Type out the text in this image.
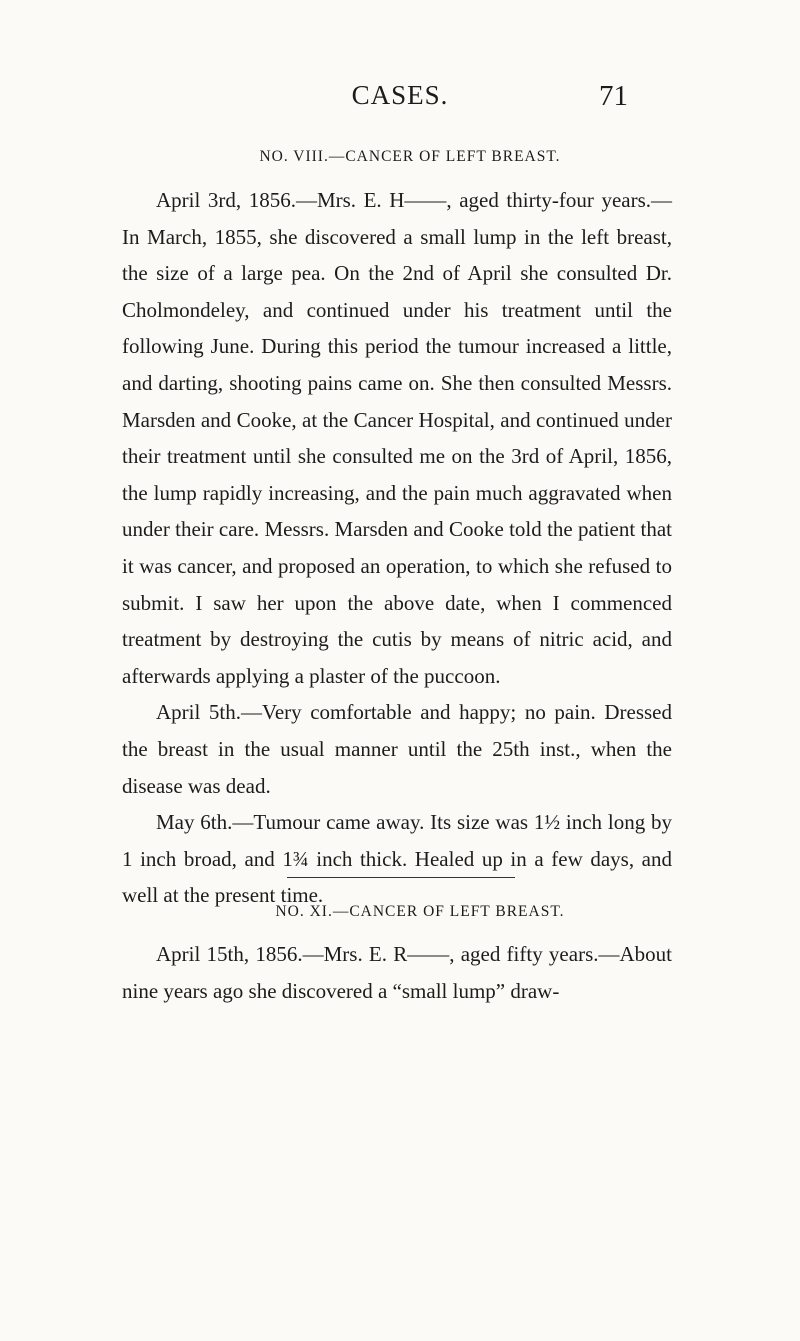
CASES.	71
NO. VIII.—CANCER OF LEFT BREAST.

April 3rd, 1856.—Mrs. E. H——, aged thirty-four years.—In March, 1855, she discovered a small lump in the left breast, the size of a large pea. On the 2nd of April she consulted Dr. Cholmondeley, and continued under his treatment until the following June. During this period the tumour increased a little, and darting, shooting pains came on. She then consulted Messrs. Marsden and Cooke, at the Cancer Hospital, and continued under their treatment until she consulted me on the 3rd of April, 1856, the lump rapidly increasing, and the pain much aggravated when under their care. Messrs. Marsden and Cooke told the patient that it was cancer, and proposed an operation, to which she refused to submit. I saw her upon the above date, when I commenced treatment by destroying the cutis by means of nitric acid, and afterwards applying a plaster of the puccoon.

April 5th.—Very comfortable and happy; no pain. Dressed the breast in the usual manner until the 25th inst., when the disease was dead.

May 6th.—Tumour came away. Its size was 1½ inch long by 1 inch broad, and 1¾ inch thick. Healed up in a few days, and well at the present time.

NO. XI.—CANCER OF LEFT BREAST.

April 15th, 1856.—Mrs. E. R——, aged fifty years.—About nine years ago she discovered a “small lump” draw-
